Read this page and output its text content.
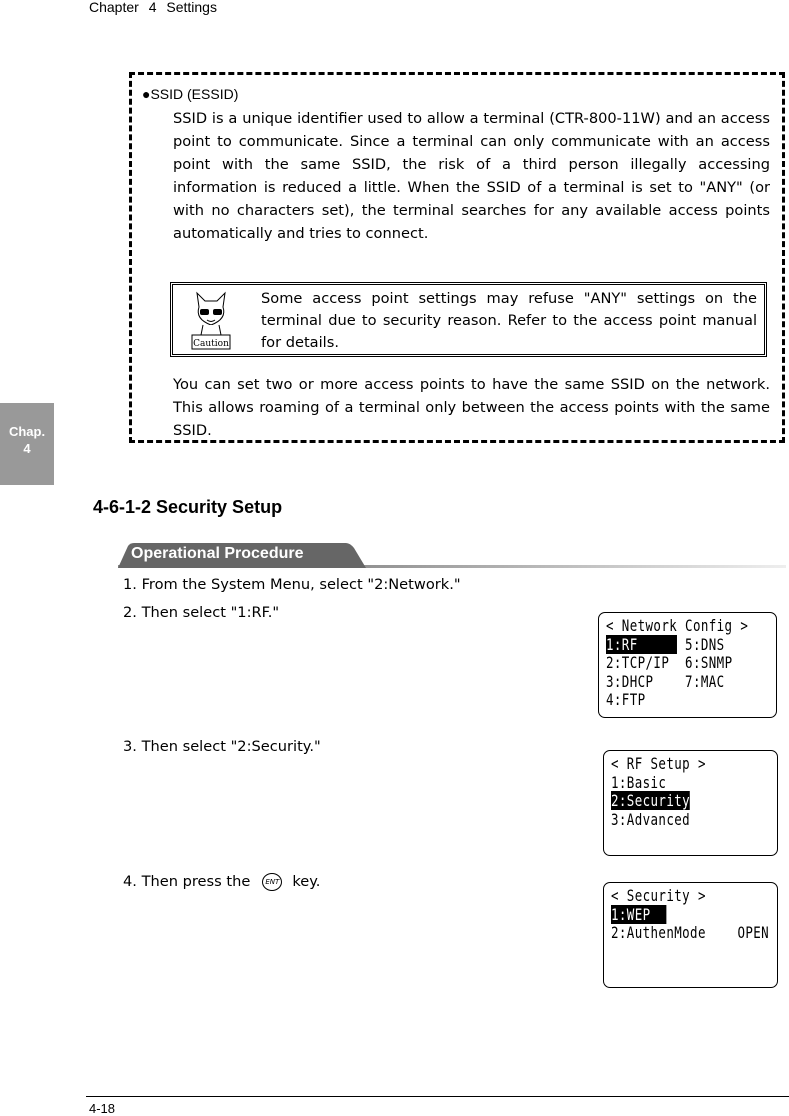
Chapter 4 Settings
Chap.
4
●SSID (ESSID)
SSID is a unique identifier used to allow a terminal (CTR-800-11W) and an access point to communicate. Since a terminal can only communicate with an access point with the same SSID, the risk of a third person illegally accessing information is reduced a little. When the SSID of a terminal is set to "ANY" (or with no characters set), the terminal searches for any available access points automatically and tries to connect.
Caution
Some access point settings may refuse "ANY" settings on the terminal due to security reason. Refer to the access point manual for details.
You can set two or more access points to have the same SSID on the network. This allows roaming of a terminal only between the access points with the same SSID.
4-6-1-2 Security Setup
Operational Procedure
1. From the System Menu, select "2:Network."
2. Then select "1:RF."
3. Then select "2:Security."
4. Then press the ENT key.
< Network Config >
1:RF      5:DNS
2:TCP/IP  6:SNMP
3:DHCP    7:MAC
4:FTP
< RF Setup >
1:Basic
2:Security
3:Advanced
< Security >
1:WEP
2:AuthenMode    OPEN
4-18
